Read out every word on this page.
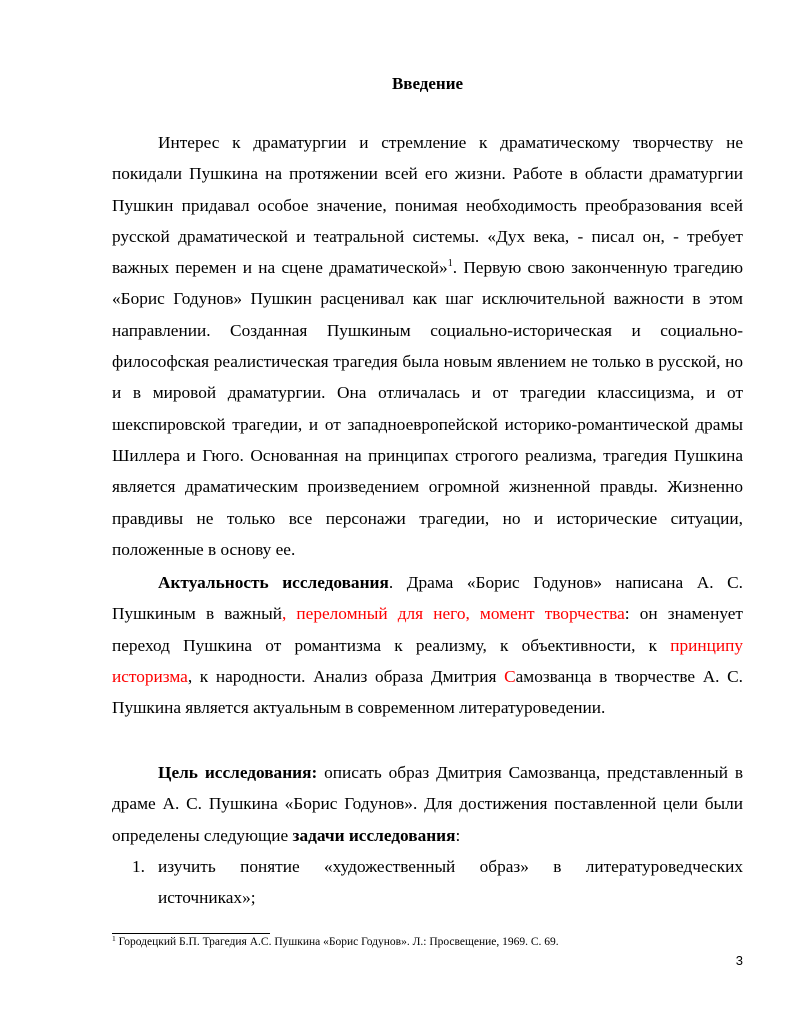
Введение

Интерес к драматургии и стремление к драматическому творчеству не покидали Пушкина на протяжении всей его жизни. Работе в области драматургии Пушкин придавал особое значение, понимая необходимость преобразования всей русской драматической и театральной системы. «Дух века, - писал он, - требует важных перемен и на сцене драматической»$^1$. Первую свою законченную трагедию «Борис Годунов» Пушкин расценивал как шаг исключительной важности в этом направлении. Созданная Пушкиным социально-историческая и социально-философская реалистическая трагедия была новым явлением не только в русской, но и в мировой драматургии. Она отличалась и от трагедии классицизма, и от шекспировской трагедии, и от западноевропейской историко-романтической драмы Шиллера и Гюго. Основанная на принципах строгого реализма, трагедия Пушкина является драматическим произведением огромной жизненной правды. Жизненно правдивы не только все персонажи трагедии, но и исторические ситуации, положенные в основу ее.

Актуальность исследования. Драма «Борис Годунов» написана А. С. Пушкиным в важный, переломный для него, момент творчества: он знаменует переход Пушкина от романтизма к реализму, к объективности, к принципу историзма, к народности. Анализ образа Дмитрия Самозванца в творчестве А. С. Пушкина является актуальным в современном литературоведении.

Цель исследования: описать образ Дмитрия Самозванца, представленный в драме А. С. Пушкина «Борис Годунов». Для достижения поставленной цели были определены следующие задачи исследования:

1. изучить понятие «художественный образ» в литературоведческих источниках»;
$^1$ Городецкий Б.П. Трагедия А.С. Пушкина «Борис Годунов». Л.: Просвещение, 1969. С. 69.
3
